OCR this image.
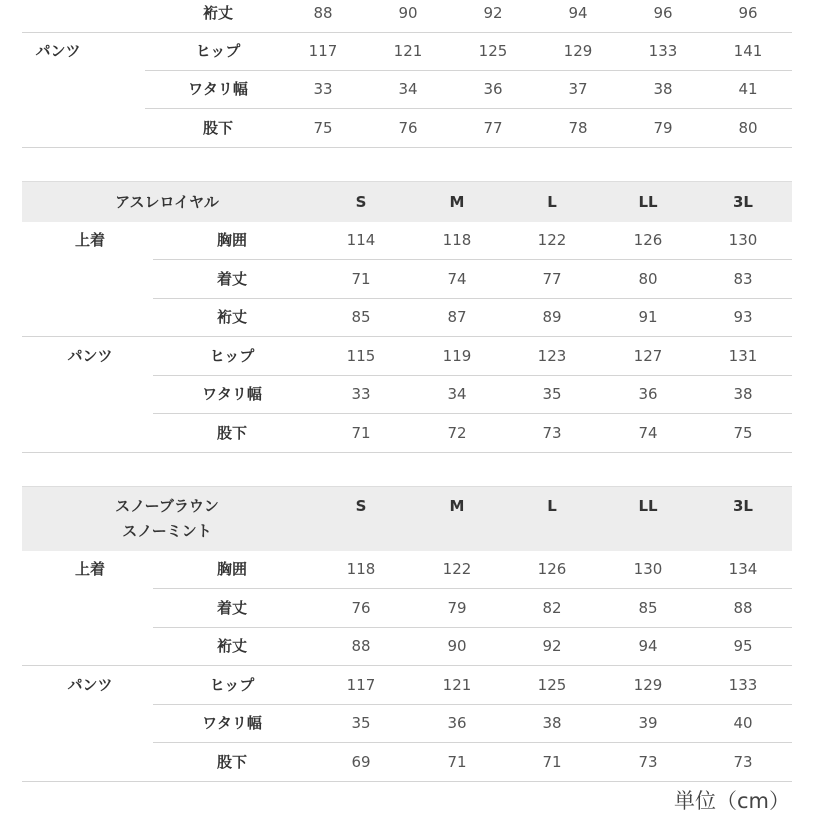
裄丈	88	90	92	94	96	96
パンツ	ヒップ	117	121	125	129	133	141
ワタリ幅	33	34	36	37	38	41
股下	75	76	77	78	79	80
アスレロイヤル	S	M	L	LL	3L
上着	胸囲	114	118	122	126	130
着丈	71	74	77	80	83
裄丈	85	87	89	91	93
パンツ	ヒップ	115	119	123	127	131
ワタリ幅	33	34	35	36	38
股下	71	72	73	74	75
スノーブラウン
スノーミント
S	M	L	LL	3L
上着	胸囲	118	122	126	130	134
着丈	76	79	82	85	88
裄丈	88	90	92	94	95
パンツ	ヒップ	117	121	125	129	133
ワタリ幅	35	36	38	39	40
股下	69	71	71	73	73
単位（cm）
